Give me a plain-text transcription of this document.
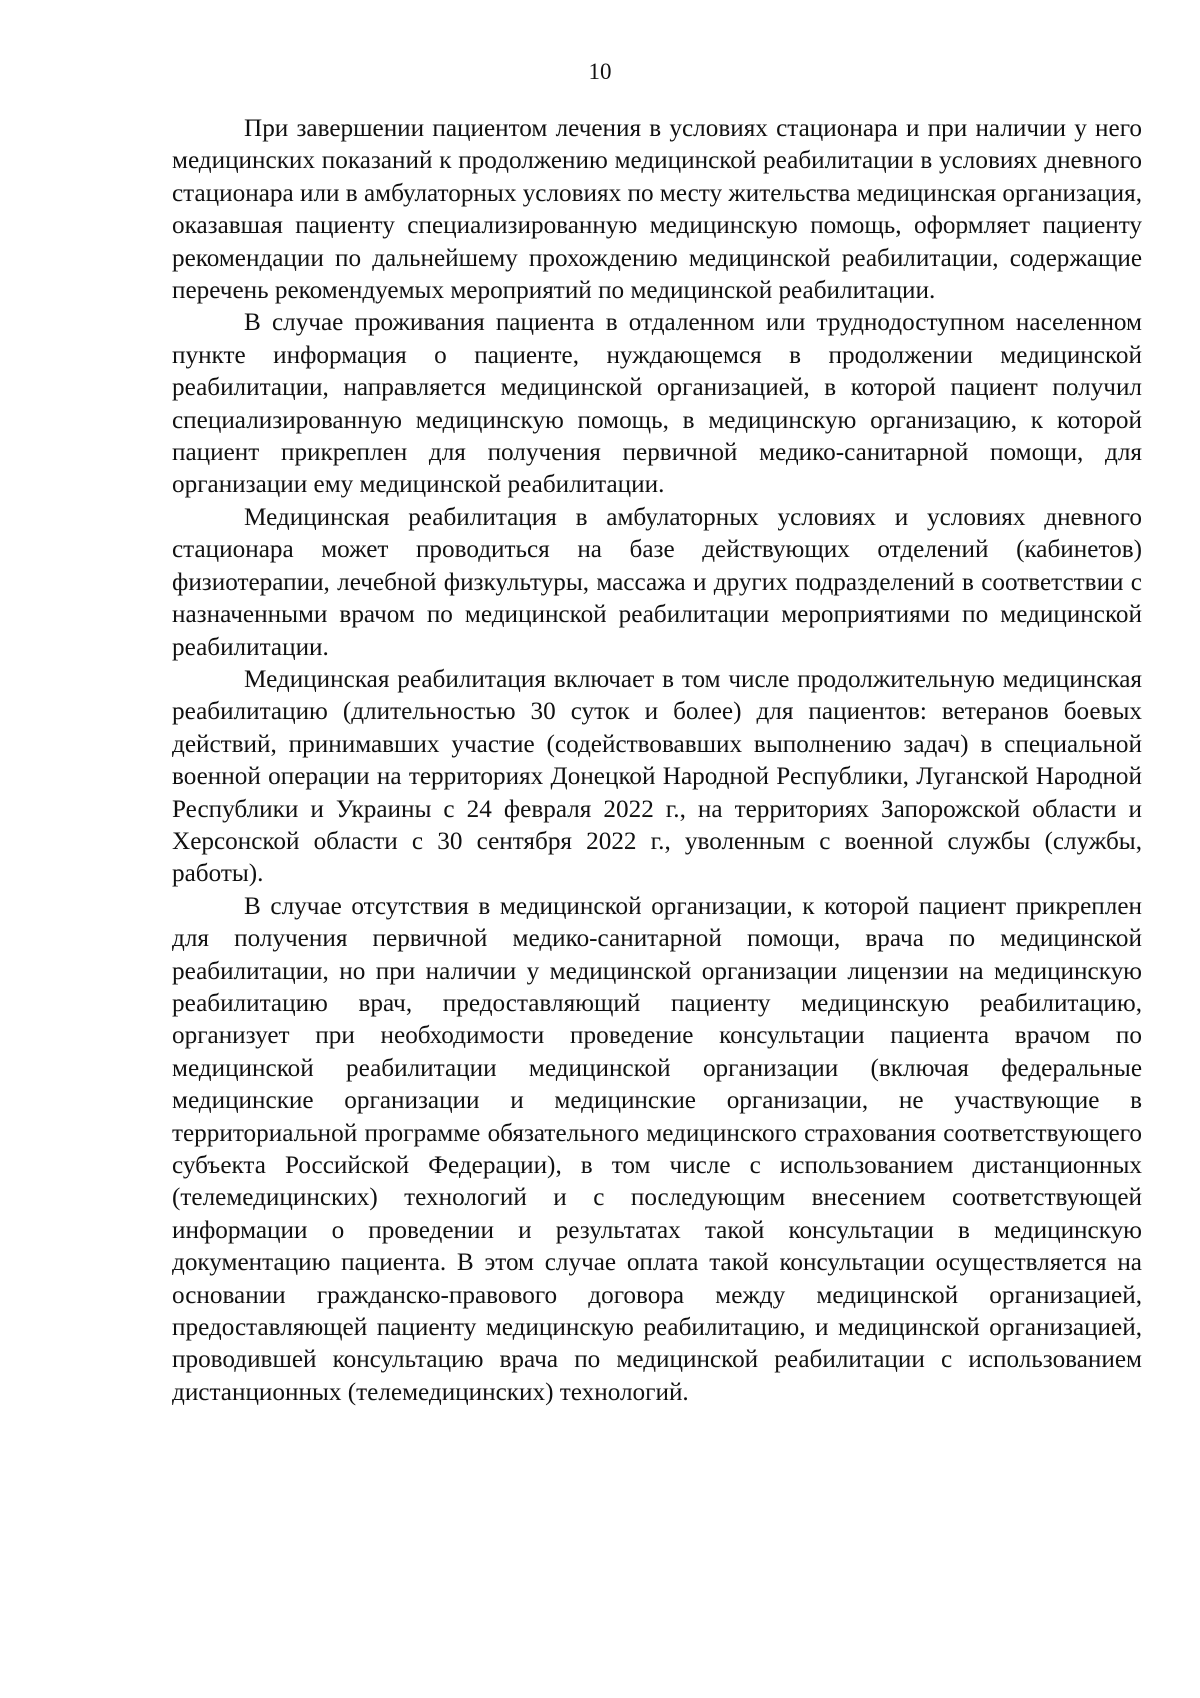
10

При завершении пациентом лечения в условиях стационара и при наличии у него медицинских показаний к продолжению медицинской реабилитации в условиях дневного стационара или в амбулаторных условиях по месту жительства медицинская организация, оказавшая пациенту специализированную медицинскую помощь, оформляет пациенту рекомендации по дальнейшему прохождению медицинской реабилитации, содержащие перечень рекомендуемых мероприятий по медицинской реабилитации.

В случае проживания пациента в отдаленном или труднодоступном населенном пункте информация о пациенте, нуждающемся в продолжении медицинской реабилитации, направляется медицинской организацией, в которой пациент получил специализированную медицинскую помощь, в медицинскую организацию, к которой пациент прикреплен для получения первичной медико-санитарной помощи, для организации ему медицинской реабилитации.

Медицинская реабилитация в амбулаторных условиях и условиях дневного стационара может проводиться на базе действующих отделений (кабинетов) физиотерапии, лечебной физкультуры, массажа и других подразделений в соответствии с назначенными врачом по медицинской реабилитации мероприятиями по медицинской реабилитации.

Медицинская реабилитация включает в том числе продолжительную медицинская реабилитацию (длительностью 30 суток и более) для пациентов: ветеранов боевых действий, принимавших участие (содействовавших выполнению задач) в специальной военной операции на территориях Донецкой Народной Республики, Луганской Народной Республики и Украины с 24 февраля 2022 г., на территориях Запорожской области и Херсонской области с 30 сентября 2022 г., уволенным с военной службы (службы, работы).

В случае отсутствия в медицинской организации, к которой пациент прикреплен для получения первичной медико-санитарной помощи, врача по медицинской реабилитации, но при наличии у медицинской организации лицензии на медицинскую реабилитацию врач, предоставляющий пациенту медицинскую реабилитацию, организует при необходимости проведение консультации пациента врачом по медицинской реабилитации медицинской организации (включая федеральные медицинские организации и медицинские организации, не участвующие в территориальной программе обязательного медицинского страхования соответствующего субъекта Российской Федерации), в том числе с использованием дистанционных (телемедицинских) технологий и с последующим внесением соответствующей информации о проведении и результатах такой консультации в медицинскую документацию пациента. В этом случае оплата такой консультации осуществляется на основании гражданско-правового договора между медицинской организацией, предоставляющей пациенту медицинскую реабилитацию, и медицинской организацией, проводившей консультацию врача по медицинской реабилитации с использованием дистанционных (телемедицинских) технологий.
